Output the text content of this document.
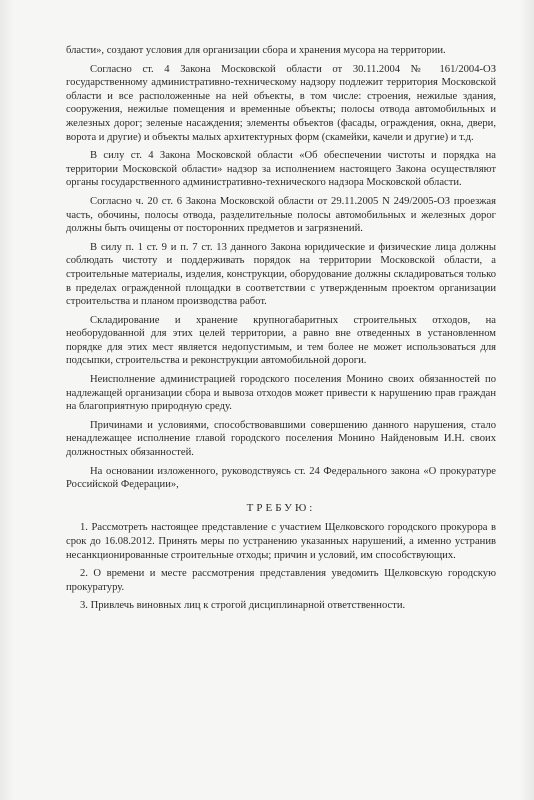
бласти», создают условия для организации сбора и хранения мусора на территории.

Согласно ст. 4 Закона Московской области от 30.11.2004 № 161/2004-ОЗ государственному административно-техническому надзору подлежит территория Московской области и все расположенные на ней объекты, в том числе: строения, нежилые здания, сооружения, нежилые помещения и временные объекты; полосы отвода автомобильных и железных дорог; зеленые насаждения; элементы объектов (фасады, ограждения, окна, двери, ворота и другие) и объекты малых архитектурных форм (скамейки, качели и другие) и т.д.

В силу ст. 4 Закона Московской области «Об обеспечении чистоты и порядка на территории Московской области» надзор за исполнением настоящего Закона осуществляют органы государственного административно-технического надзора Московской области.

Согласно ч. 20 ст. 6 Закона Московской области от 29.11.2005 N 249/2005-ОЗ проезжая часть, обочины, полосы отвода, разделительные полосы автомобильных и железных дорог должны быть очищены от посторонних предметов и загрязнений.

В силу п. 1 ст. 9 и п. 7 ст. 13 данного Закона юридические и физические лица должны соблюдать чистоту и поддерживать порядок на территории Московской области, а строительные материалы, изделия, конструкции, оборудование должны складироваться только в пределах огражденной площадки в соответствии с утвержденным проектом организации строительства и планом производства работ.

Складирование и хранение крупногабаритных строительных отходов, на необорудованной для этих целей территории, а равно вне отведенных в установленном порядке для этих мест является недопустимым, и тем более не может использоваться для подсыпки, строительства и реконструкции автомобильной дороги.

Неисполнение администрацией городского поселения Монино своих обязанностей по надлежащей организации сбора и вывоза отходов может привести к нарушению прав граждан на благоприятную природную среду.

Причинами и условиями, способствовавшими совершению данного нарушения, стало ненадлежащее исполнение главой городского поселения Монино Найденовым И.Н. своих должностных обязанностей.

На основании изложенного, руководствуясь ст. 24 Федерального закона «О прокуратуре Российской Федерации»,

ТРЕБУЮ:

1. Рассмотреть настоящее представление с участием Щелковского городского прокурора в срок до 16.08.2012. Принять меры по устранению указанных нарушений, а именно устранив несанкционированные строительные отходы; причин и условий, им способствующих.

2. О времени и месте рассмотрения представления уведомить Щелковскую городскую прокуратуру.

3. Привлечь виновных лиц к строгой дисциплинарной ответственности.
